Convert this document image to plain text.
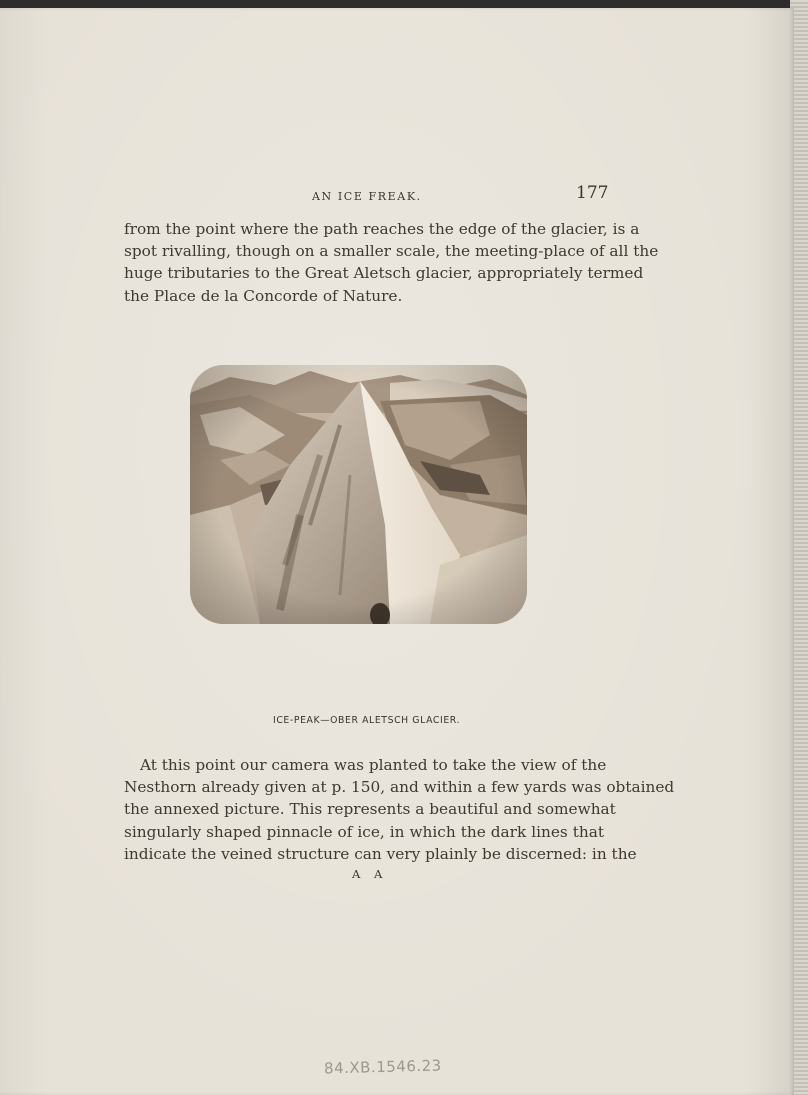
AN ICE FREAK.	177
from the point where the path reaches the edge of the glacier, is a
spot rivalling, though on a smaller scale, the meeting-place of all the
huge tributaries to the Great Aletsch glacier, appropriately termed
the Place de la Concorde of Nature.
ICE-PEAK—OBER ALETSCH GLACIER.
At this point our camera was planted to take the view of the
Nesthorn already given at p. 150, and within a few yards was obtained
the annexed picture. This represents a beautiful and somewhat
singularly shaped pinnacle of ice, in which the dark lines that
indicate the veined structure can very plainly be discerned: in the
A A
84.XB.1546.23
